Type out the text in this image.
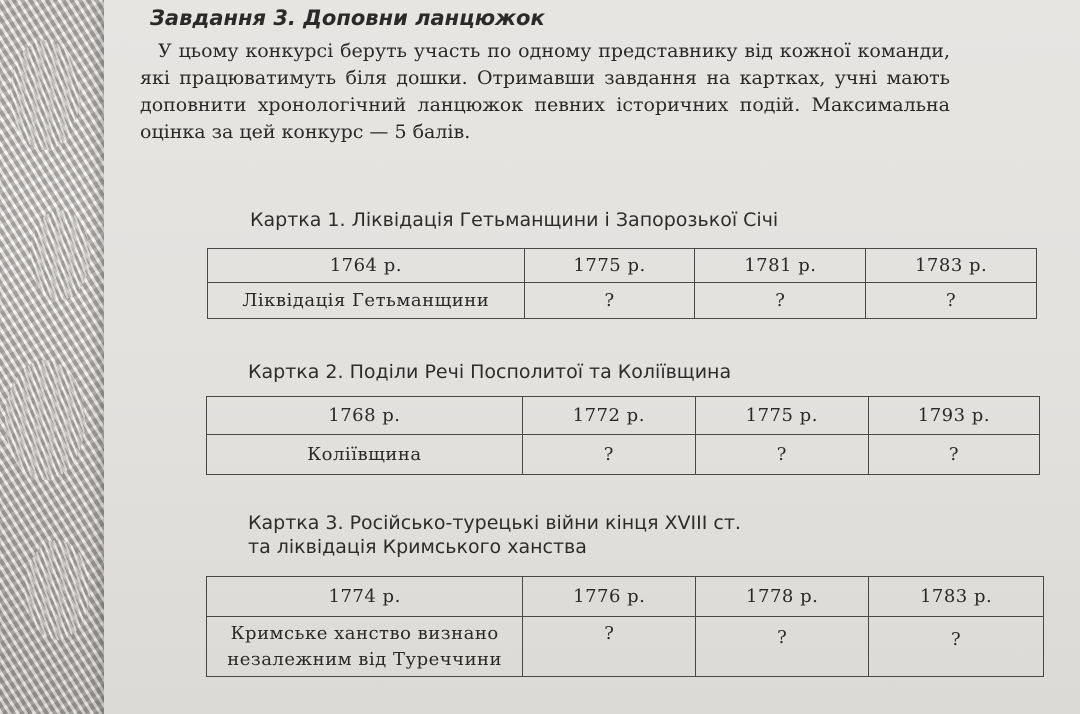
Завдання 3. Доповни ланцюжок
У цьому конкурсі беруть участь по одному представнику від кожної команди, які працюватимуть біля дошки. Отримавши завдання на картках, учні мають доповнити хронологічний ланцюжок певних історичних подій. Максимальна оцінка за цей конкурс — 5 балів.
Картка 1. Ліквідація Гетьманщини і Запорозької Січі
1764 р.	1775 р.	1781 р.	1783 р.
Ліквідація Гетьманщини	?	?	?
Картка 2. Поділи Речі Посполитої та Коліївщина
1768 р.	1772 р.	1775 р.	1793 р.
Коліївщина	?	?	?
Картка 3. Російсько-турецькі війни кінця XVIII ст.
та ліквідація Кримського ханства
1774 р.	1776 р.	1778 р.	1783 р.
Кримське ханство визнано незалежним від Туреччини	?	?	?
